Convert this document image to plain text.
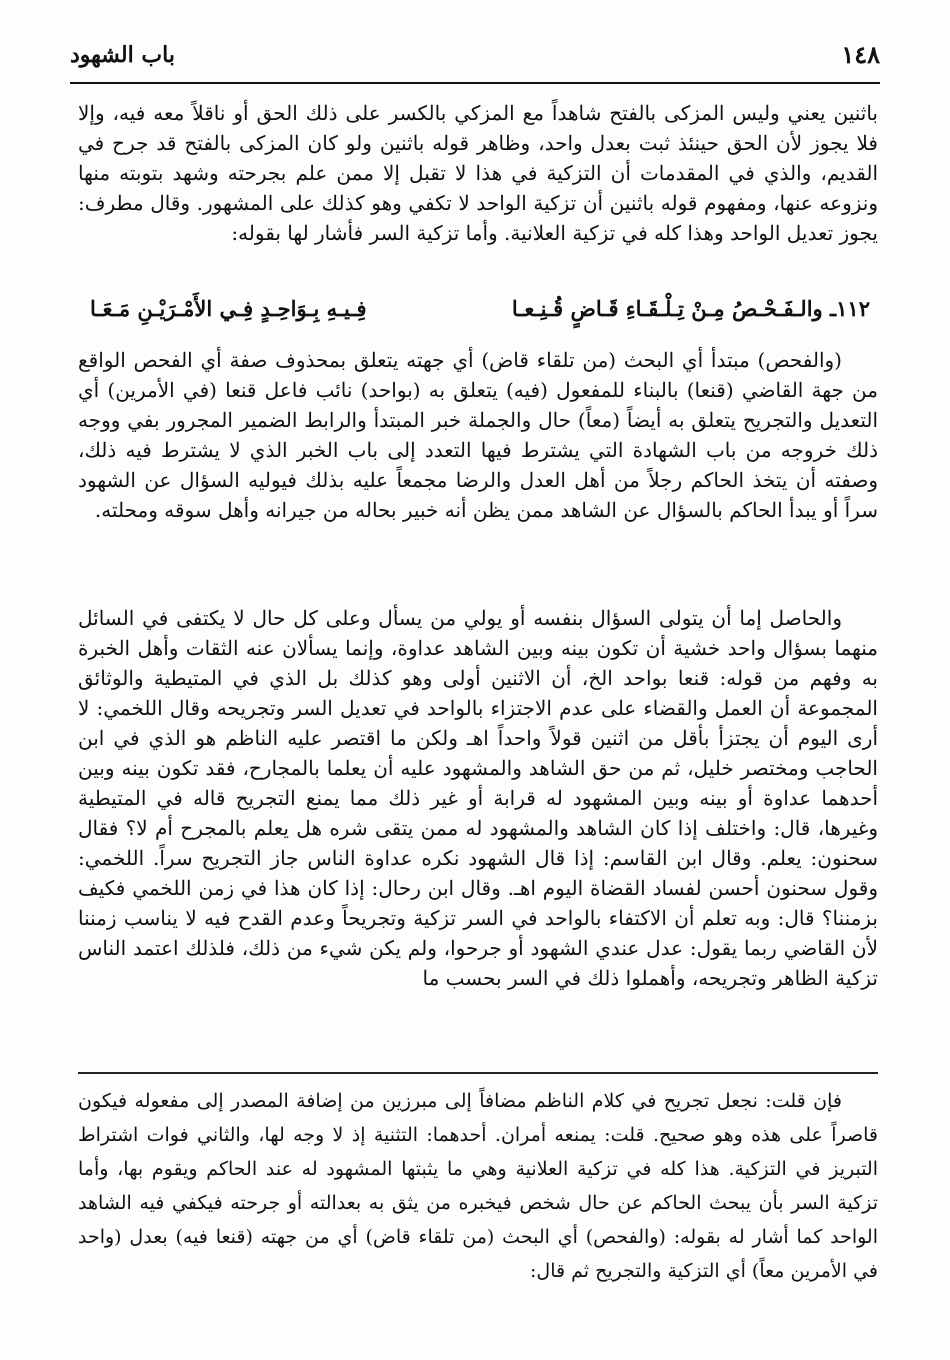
١٤٨
باب الشهود

باثنين يعني وليس المزكى بالفتح شاهداً مع المزكي بالكسر على ذلك الحق أو ناقلاً معه فيه، وإلا فلا يجوز لأن الحق حينئذ ثبت بعدل واحد، وظاهر قوله باثنين ولو كان المزكى بالفتح قد جرح في القديم، والذي في المقدمات أن التزكية في هذا لا تقبل إلا ممن علم بجرحته وشهد بتوبته منها ونزوعه عنها، ومفهوم قوله باثنين أن تزكية الواحد لا تكفي وهو كذلك على المشهور. وقال مطرف: يجوز تعديل الواحد وهذا كله في تزكية العلانية. وأما تزكية السر فأشار لها بقوله:

١١٢ـ والـفَـحْـصُ مِـنْ تِـلْـقَـاءِ قَـاضٍ قُـنِـعـا
فِـيـهِ بِـوَاحِـدٍ فِـي الأَمْـرَيْـنِ مَـعَـا

(والفحص) مبتدأ أي البحث (من تلقاء قاض) أي جهته يتعلق بمحذوف صفة أي الفحص الواقع من جهة القاضي (قنعا) بالبناء للمفعول (فيه) يتعلق به (بواحد) نائب فاعل قنعا (في الأمرين) أي التعديل والتجريح يتعلق به أيضاً (معاً) حال والجملة خبر المبتدأ والرابط الضمير المجرور بفي ووجه ذلك خروجه من باب الشهادة التي يشترط فيها التعدد إلى باب الخبر الذي لا يشترط فيه ذلك، وصفته أن يتخذ الحاكم رجلاً من أهل العدل والرضا مجمعاً عليه بذلك فيوليه السؤال عن الشهود سراً أو يبدأ الحاكم بالسؤال عن الشاهد ممن يظن أنه خبير بحاله من جيرانه وأهل سوقه ومحلته.

والحاصل إما أن يتولى السؤال بنفسه أو يولي من يسأل وعلى كل حال لا يكتفى في السائل منهما بسؤال واحد خشية أن تكون بينه وبين الشاهد عداوة، وإنما يسألان عنه الثقات وأهل الخبرة به وفهم من قوله: قنعا بواحد الخ، أن الاثنين أولى وهو كذلك بل الذي في المتيطية والوثائق المجموعة أن العمل والقضاء على عدم الاجتزاء بالواحد في تعديل السر وتجريحه وقال اللخمي: لا أرى اليوم أن يجتزأ بأقل من اثنين قولاً واحداً اهـ ولكن ما اقتصر عليه الناظم هو الذي في ابن الحاجب ومختصر خليل، ثم من حق الشاهد والمشهود عليه أن يعلما بالمجارح، فقد تكون بينه وبين أحدهما عداوة أو بينه وبين المشهود له قرابة أو غير ذلك مما يمنع التجريح قاله في المتيطية وغيرها، قال: واختلف إذا كان الشاهد والمشهود له ممن يتقى شره هل يعلم بالمجرح أم لا؟ فقال سحنون: يعلم. وقال ابن القاسم: إذا قال الشهود نكره عداوة الناس جاز التجريح سراً. اللخمي: وقول سحنون أحسن لفساد القضاة اليوم اهـ. وقال ابن رحال: إذا كان هذا في زمن اللخمي فكيف بزمننا؟ قال: وبه تعلم أن الاكتفاء بالواحد في السر تزكية وتجريحاً وعدم القدح فيه لا يناسب زمننا لأن القاضي ربما يقول: عدل عندي الشهود أو جرحوا، ولم يكن شيء من ذلك، فلذلك اعتمد الناس تزكية الظاهر وتجريحه، وأهملوا ذلك في السر بحسب ما

فإن قلت: نجعل تجريح في كلام الناظم مضافاً إلى مبرزين من إضافة المصدر إلى مفعوله فيكون قاصراً على هذه وهو صحيح. قلت: يمنعه أمران. أحدهما: التثنية إذ لا وجه لها، والثاني فوات اشتراط التبريز في التزكية. هذا كله في تزكية العلانية وهي ما يثبتها المشهود له عند الحاكم ويقوم بها، وأما تزكية السر بأن يبحث الحاكم عن حال شخص فيخبره من يثق به بعدالته أو جرحته فيكفي فيه الشاهد الواحد كما أشار له بقوله: (والفحص) أي البحث (من تلقاء قاض) أي من جهته (قنعا فيه) بعدل (واحد في الأمرين معاً) أي التزكية والتجريح ثم قال:
